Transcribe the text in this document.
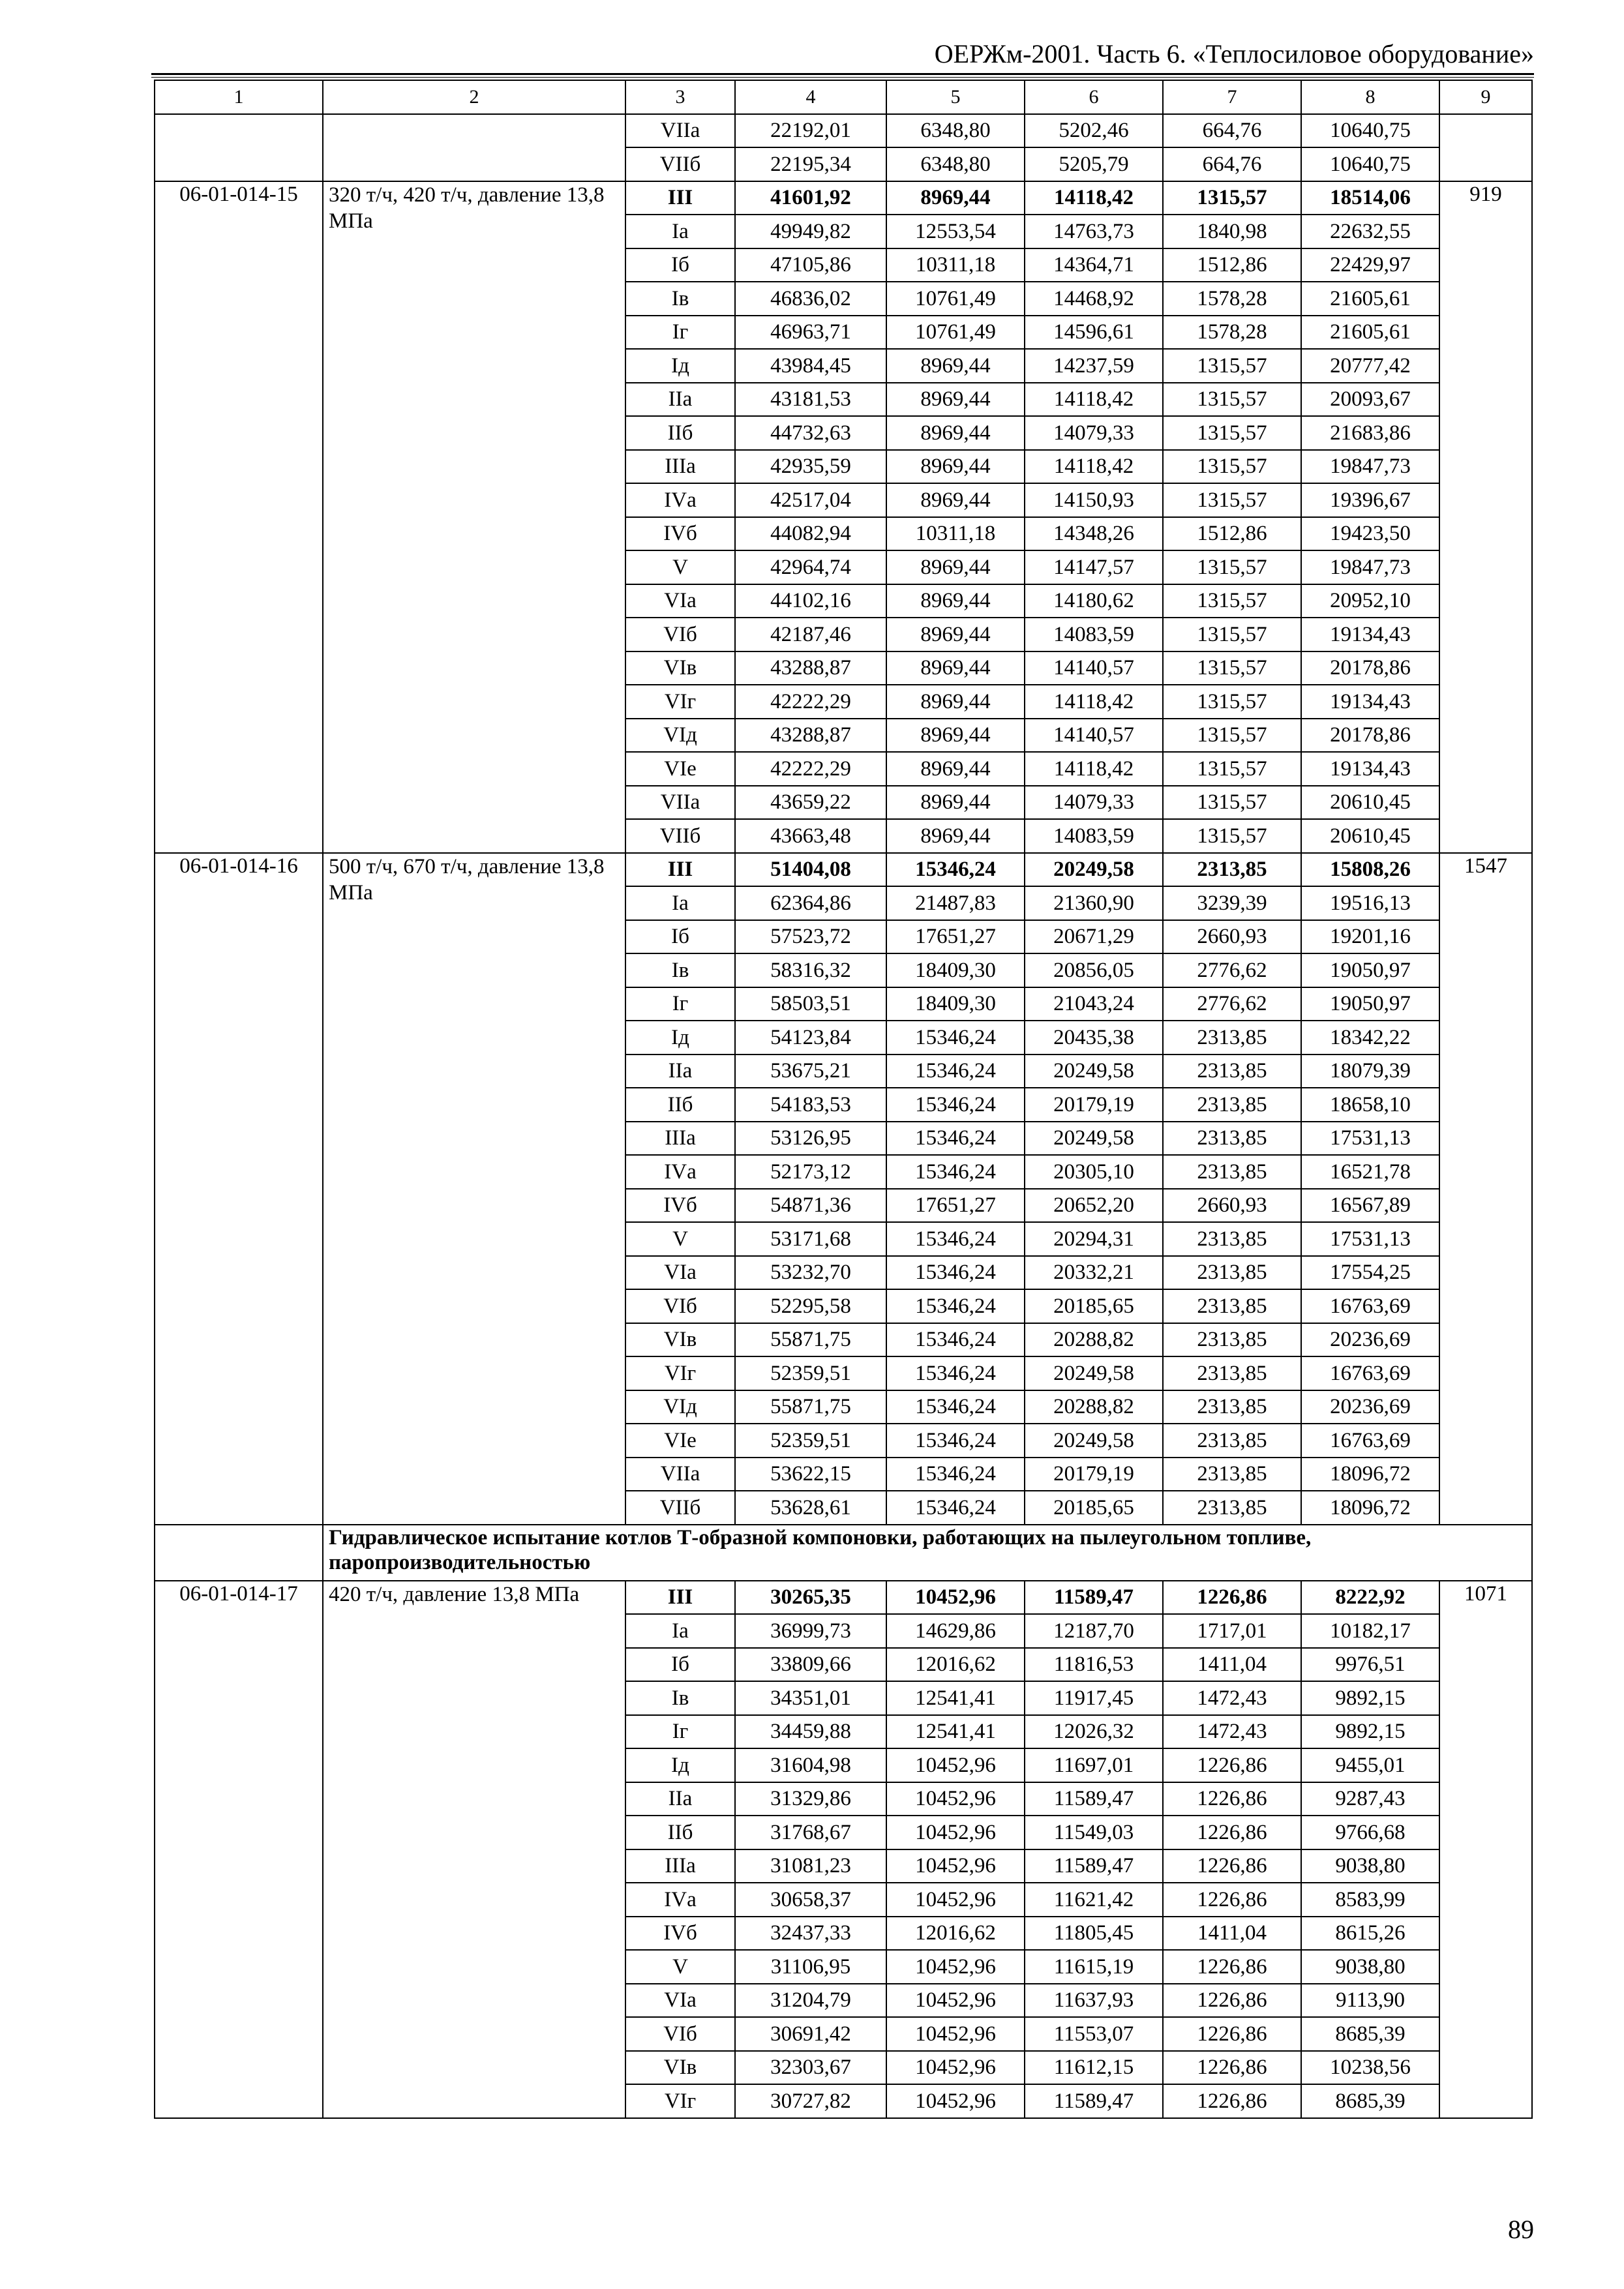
ОЕРЖм-2001. Часть 6. «Теплосиловое оборудование»
1	2	3	4	5	6	7	8	9
		VIIа	22192,01	6348,80	5202,46	664,76	10640,75	
		VIIб	22195,34	6348,80	5205,79	664,76	10640,75	
06-01-014-15	320 т/ч, 420 т/ч, давление 13,8 МПа	III	41601,92	8969,44	14118,42	1315,57	18514,06	919
		Iа	49949,82	12553,54	14763,73	1840,98	22632,55	
		Iб	47105,86	10311,18	14364,71	1512,86	22429,97	
		Iв	46836,02	10761,49	14468,92	1578,28	21605,61	
		Iг	46963,71	10761,49	14596,61	1578,28	21605,61	
		Iд	43984,45	8969,44	14237,59	1315,57	20777,42	
		IIа	43181,53	8969,44	14118,42	1315,57	20093,67	
		IIб	44732,63	8969,44	14079,33	1315,57	21683,86	
		IIIа	42935,59	8969,44	14118,42	1315,57	19847,73	
		IVа	42517,04	8969,44	14150,93	1315,57	19396,67	
		IVб	44082,94	10311,18	14348,26	1512,86	19423,50	
		V	42964,74	8969,44	14147,57	1315,57	19847,73	
		VIа	44102,16	8969,44	14180,62	1315,57	20952,10	
		VIб	42187,46	8969,44	14083,59	1315,57	19134,43	
		VIв	43288,87	8969,44	14140,57	1315,57	20178,86	
		VIг	42222,29	8969,44	14118,42	1315,57	19134,43	
		VIд	43288,87	8969,44	14140,57	1315,57	20178,86	
		VIе	42222,29	8969,44	14118,42	1315,57	19134,43	
		VIIа	43659,22	8969,44	14079,33	1315,57	20610,45	
		VIIб	43663,48	8969,44	14083,59	1315,57	20610,45	
06-01-014-16	500 т/ч, 670 т/ч, давление 13,8 МПа	III	51404,08	15346,24	20249,58	2313,85	15808,26	1547
		Iа	62364,86	21487,83	21360,90	3239,39	19516,13	
		Iб	57523,72	17651,27	20671,29	2660,93	19201,16	
		Iв	58316,32	18409,30	20856,05	2776,62	19050,97	
		Iг	58503,51	18409,30	21043,24	2776,62	19050,97	
		Iд	54123,84	15346,24	20435,38	2313,85	18342,22	
		IIа	53675,21	15346,24	20249,58	2313,85	18079,39	
		IIб	54183,53	15346,24	20179,19	2313,85	18658,10	
		IIIа	53126,95	15346,24	20249,58	2313,85	17531,13	
		IVа	52173,12	15346,24	20305,10	2313,85	16521,78	
		IVб	54871,36	17651,27	20652,20	2660,93	16567,89	
		V	53171,68	15346,24	20294,31	2313,85	17531,13	
		VIа	53232,70	15346,24	20332,21	2313,85	17554,25	
		VIб	52295,58	15346,24	20185,65	2313,85	16763,69	
		VIв	55871,75	15346,24	20288,82	2313,85	20236,69	
		VIг	52359,51	15346,24	20249,58	2313,85	16763,69	
		VIд	55871,75	15346,24	20288,82	2313,85	20236,69	
		VIе	52359,51	15346,24	20249,58	2313,85	16763,69	
		VIIа	53622,15	15346,24	20179,19	2313,85	18096,72	
		VIIб	53628,61	15346,24	20185,65	2313,85	18096,72	
	Гидравлическое испытание котлов Т-образной компоновки, работающих на пылеугольном топливе, паропроизводительностью							
06-01-014-17	420 т/ч, давление 13,8 МПа	III	30265,35	10452,96	11589,47	1226,86	8222,92	1071
		Iа	36999,73	14629,86	12187,70	1717,01	10182,17	
		Iб	33809,66	12016,62	11816,53	1411,04	9976,51	
		Iв	34351,01	12541,41	11917,45	1472,43	9892,15	
		Iг	34459,88	12541,41	12026,32	1472,43	9892,15	
		Iд	31604,98	10452,96	11697,01	1226,86	9455,01	
		IIа	31329,86	10452,96	11589,47	1226,86	9287,43	
		IIб	31768,67	10452,96	11549,03	1226,86	9766,68	
		IIIа	31081,23	10452,96	11589,47	1226,86	9038,80	
		IVа	30658,37	10452,96	11621,42	1226,86	8583,99	
		IVб	32437,33	12016,62	11805,45	1411,04	8615,26	
		V	31106,95	10452,96	11615,19	1226,86	9038,80	
		VIа	31204,79	10452,96	11637,93	1226,86	9113,90	
		VIб	30691,42	10452,96	11553,07	1226,86	8685,39	
		VIв	32303,67	10452,96	11612,15	1226,86	10238,56	
		VIг	30727,82	10452,96	11589,47	1226,86	8685,39	
89
